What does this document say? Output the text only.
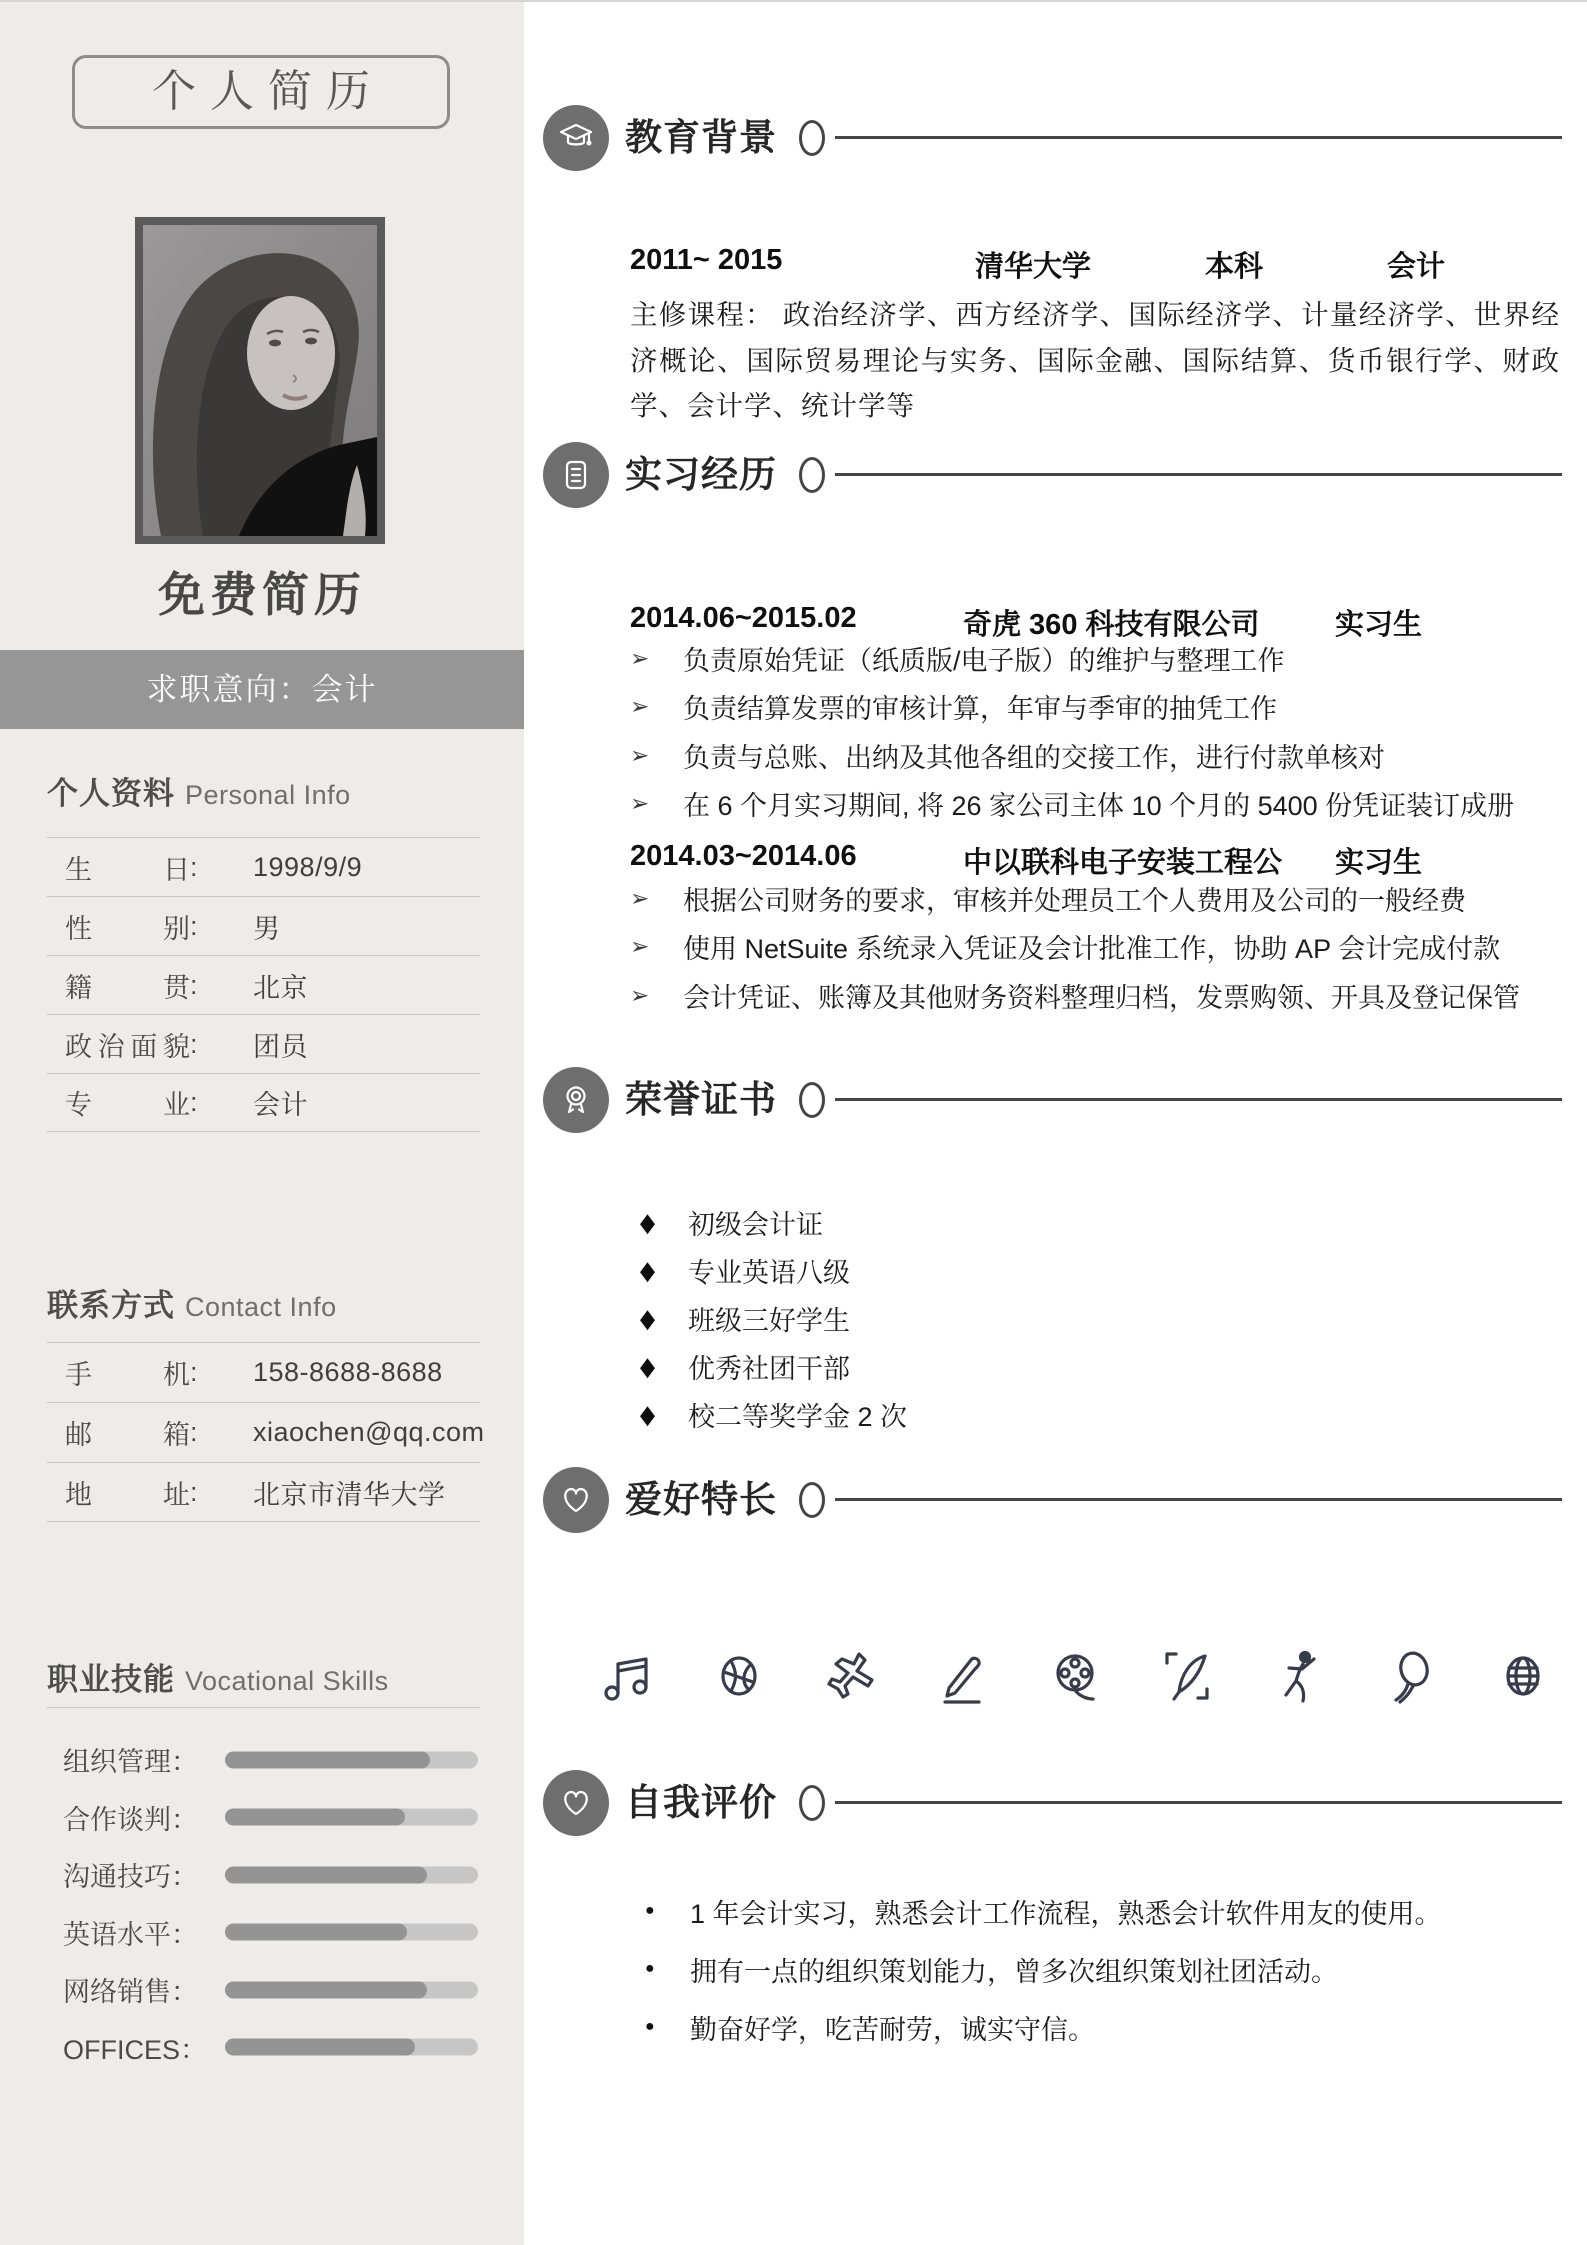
个人简历
免费简历
求职意向：会计
个人资料 Personal Info
生	日 : 1998/9/9
性	别 : 男
籍	贯 : 北京
政 治 面 貌 : 团员
专	业 : 会计
联系方式 Contact Info
手	机 : 158-8688-8688
邮	箱 : xiaochen@qq.com
地	址 : 北京市清华大学
职业技能 Vocational Skills
组织管理：
合作谈判：
沟通技巧：
英语水平：
网络销售：
OFFICES：
教育背景
2011~ 2015	清华大学	本科	会计
主修课程： 政治经济学、西方经济学、国际经济学、计量经济学、世界经济概论、国际贸易理论与实务、国际金融、国际结算、货币银行学、财政学、会计学、统计学等
实习经历
2014.06~2015.02	奇虎 360 科技有限公司	实习生
➢	负责原始凭证（纸质版/电子版）的维护与整理工作
➢	负责结算发票的审核计算，年审与季审的抽凭工作
➢	负责与总账、出纳及其他各组的交接工作，进行付款单核对
➢	在 6 个月实习期间, 将 26 家公司主体 10 个月的 5400 份凭证装订成册
2014.03~2014.06	中以联科电子安装工程公 实习生
➢	根据公司财务的要求，审核并处理员工个人费用及公司的一般经费
➢	使用 NetSuite 系统录入凭证及会计批准工作，协助 AP 会计完成付款
➢	会计凭证、账簿及其他财务资料整理归档，发票购领、开具及登记保管
荣誉证书
◆	初级会计证
◆	专业英语八级
◆	班级三好学生
◆	优秀社团干部
◆	校二等奖学金 2 次
爱好特长
自我评价
●	1 年会计实习，熟悉会计工作流程，熟悉会计软件用友的使用。
●	拥有一点的组织策划能力，曾多次组织策划社团活动。
●	勤奋好学，吃苦耐劳，诚实守信。
